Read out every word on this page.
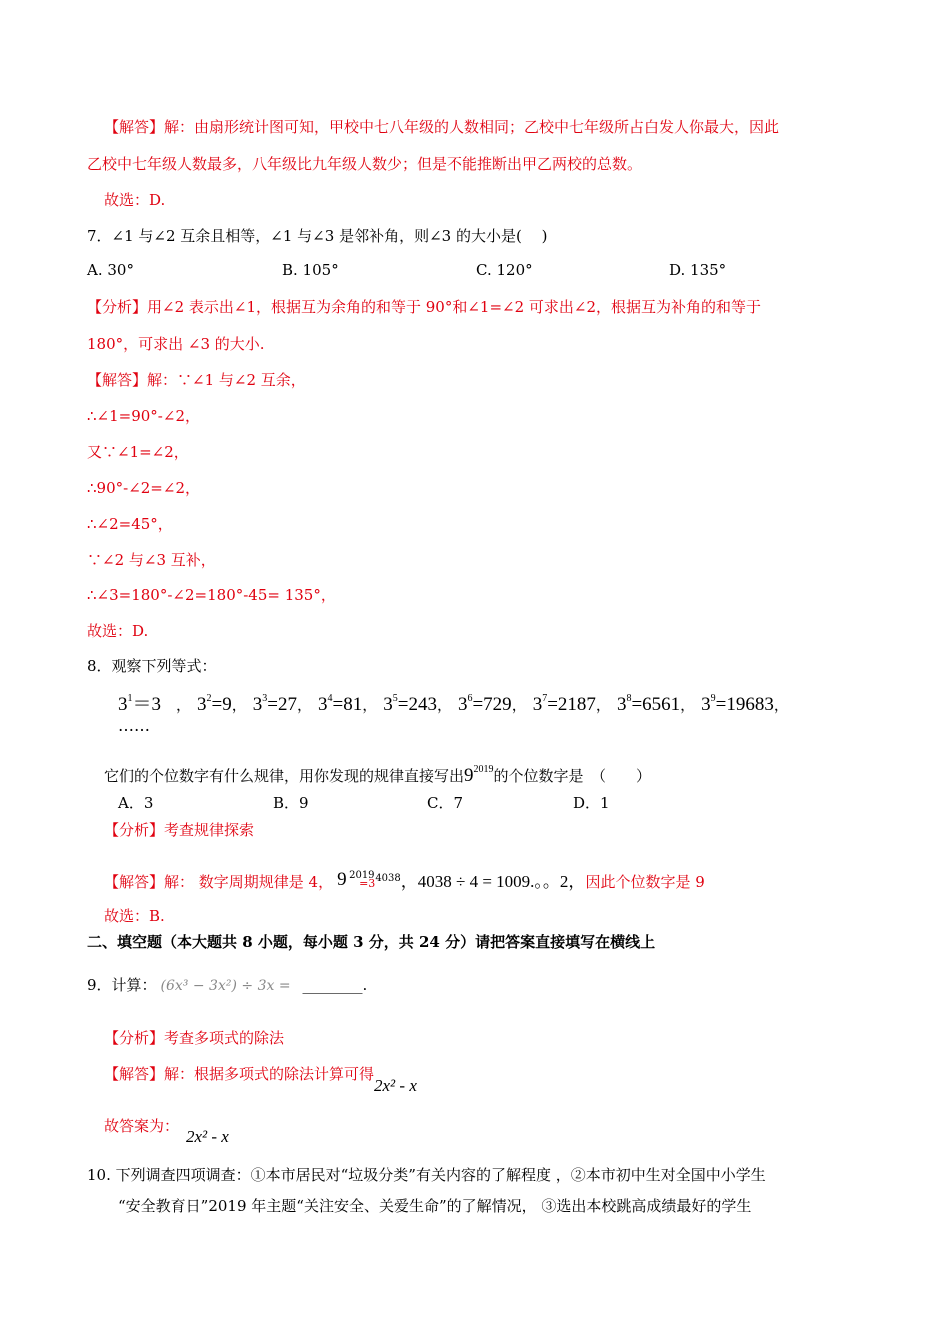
【解答】解：由扇形统计图可知，甲校中七八年级的人数相同；乙校中七年级所占白发人你最大，因此
乙校中七年级人数最多，八年级比九年级人数少；但是不能推断出甲乙两校的总数。
故选：D.
7．∠1 与∠2 互余且相等，∠1 与∠3 是邻补角，则∠3 的大小是(　 )
A. 30°	B. 105°	C. 120°	D. 135°
【分析】用∠2 表示出∠1，根据互为余角的和等于 90°和∠1=∠2 可求出∠2，根据互为补角的和等于
180°，可求出 ∠3 的大小.
【解答】解：∵∠1 与∠2 互余，
∴∠1=90°-∠2，
又∵∠1=∠2，
∴90°-∠2=∠2，
∴∠2=45°，
∵∠2 与∠3 互补，
∴∠3=180°-∠2=180°-45= 135°，
故选：D.
8．观察下列等式：
$3^1=3$　， $3^2=9$， $3^3=27$， $3^4=81$， $3^5=243$， $3^6=729$， $3^7=2187$， $3^8=6561$， $3^9=19683$，
……
它们的个位数字有什么规律，用你发现的规律直接写出$9^{2019}$的个位数字是　（　　）
A．3	B．9	C．7	D．1
【分析】考查规律探索
【解答】解： 数字周期规律是 4， 9 2019
$=3^{4038}$，4038 ÷ 4 = 1009.。。2，因此个位数字是 9
故选：B.
二、填空题（本大题共 8 小题，每小题 3 分，共 24 分）请把答案直接填写在横线上
9．计算： (6x³ − 3x²) ÷ 3x = ________.
【分析】考查多项式的除法
【解答】解：根据多项式的除法计算可得2x² - x
故答案为：
2x² - x
10. 下列调查四项调查：①本市居民对“垃圾分类”有关内容的了解程度 ，②本市初中生对全国中小学生
“安全教育日”2019 年主题“关注安全、关爱生命”的了解情况， ③选出本校跳高成绩最好的学生
